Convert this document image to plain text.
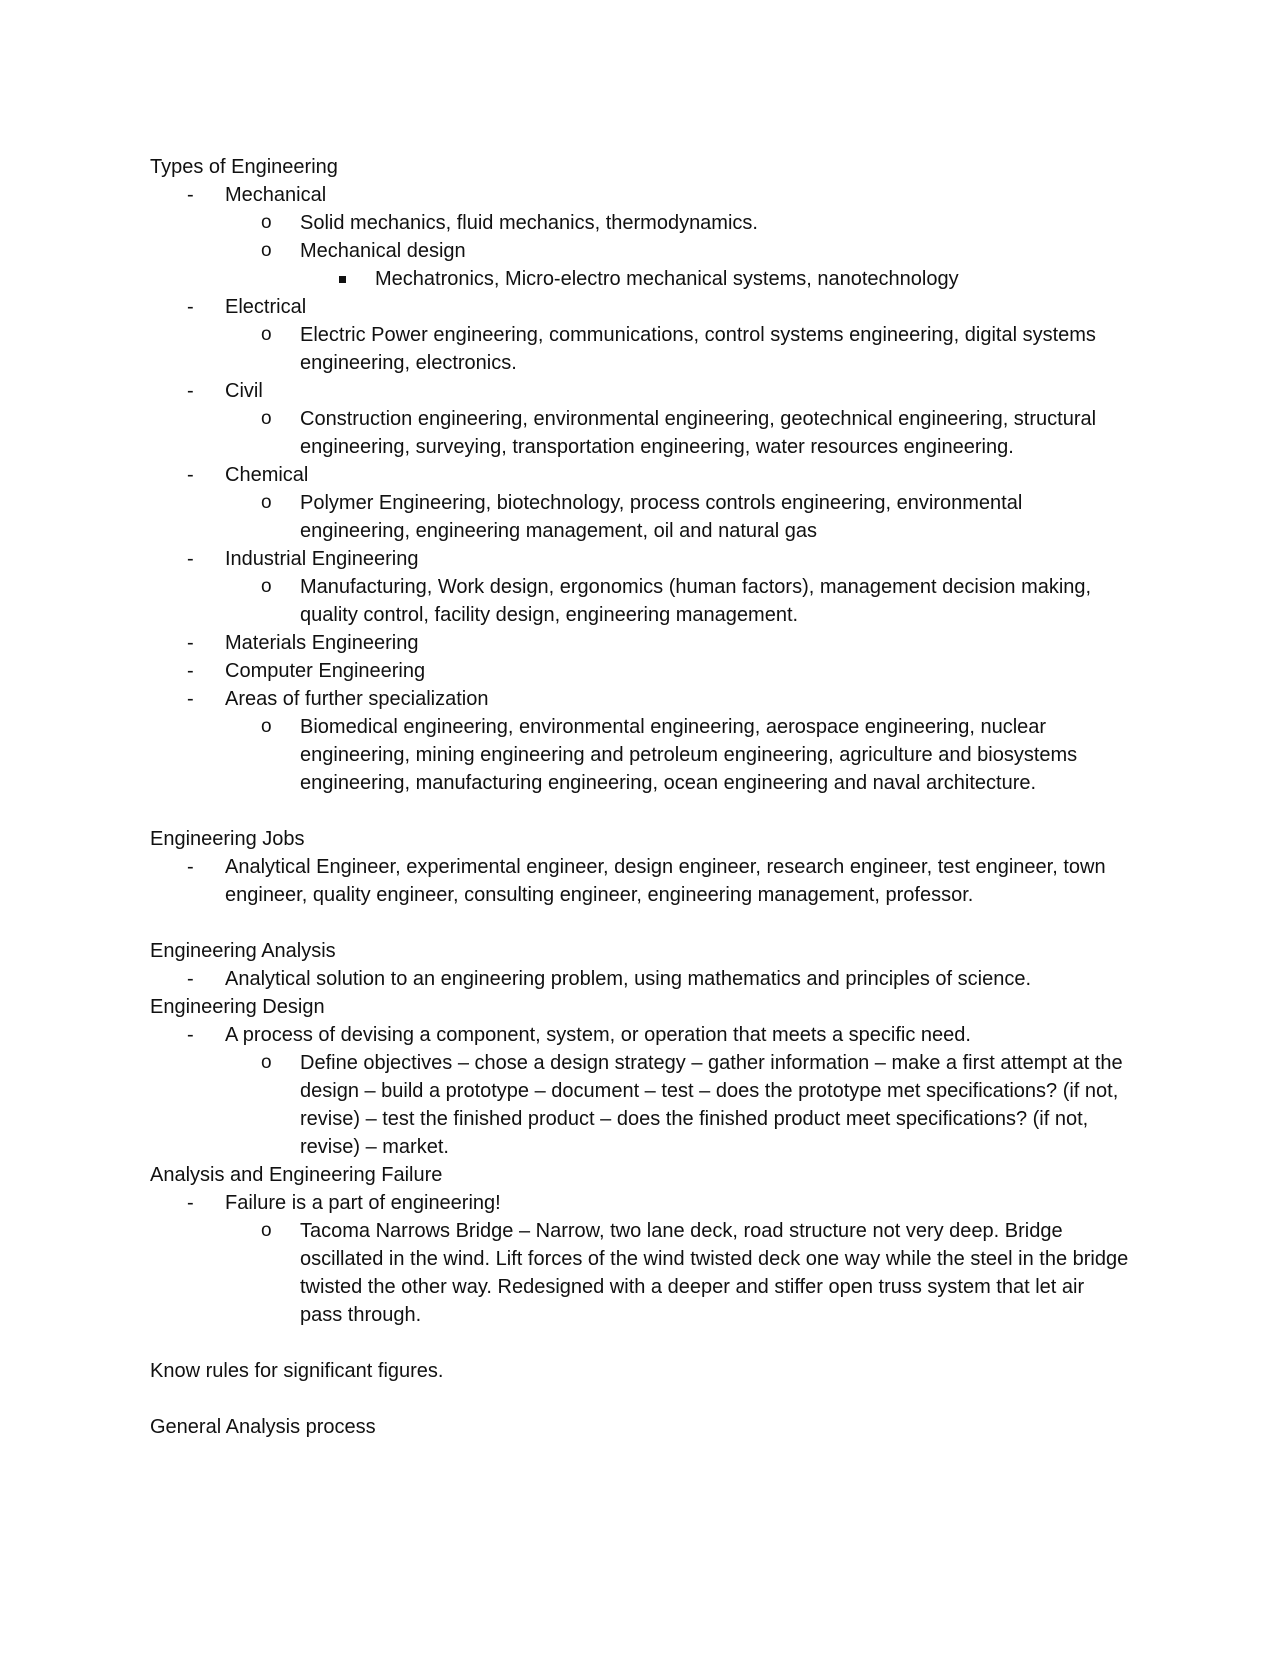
Types of Engineering

- Mechanical
o Solid mechanics, fluid mechanics, thermodynamics.
o Mechanical design
Mechatronics, Micro-electro mechanical systems, nanotechnology
- Electrical
o Electric Power engineering, communications, control systems engineering, digital systems engineering, electronics.
- Civil
o Construction engineering, environmental engineering, geotechnical engineering, structural engineering, surveying, transportation engineering, water resources engineering.
- Chemical
o Polymer Engineering, biotechnology, process controls engineering, environmental engineering, engineering management, oil and natural gas
- Industrial Engineering
o Manufacturing, Work design, ergonomics (human factors), management decision making, quality control, facility design, engineering management.
- Materials Engineering
- Computer Engineering
- Areas of further specialization
o Biomedical engineering, environmental engineering, aerospace engineering, nuclear engineering, mining engineering and petroleum engineering, agriculture and biosystems engineering, manufacturing engineering, ocean engineering and naval architecture.

Engineering Jobs

- Analytical Engineer, experimental engineer, design engineer, research engineer, test engineer, town engineer, quality engineer, consulting engineer, engineering management, professor.

Engineering Analysis

- Analytical solution to an engineering problem, using mathematics and principles of science.

Engineering Design

- A process of devising a component, system, or operation that meets a specific need.
o Define objectives – chose a design strategy – gather information – make a first attempt at the design – build a prototype – document – test – does the prototype met specifications? (if not, revise) – test the finished product – does the finished product meet specifications? (if not, revise) – market.

Analysis and Engineering Failure

- Failure is a part of engineering!
o Tacoma Narrows Bridge – Narrow, two lane deck, road structure not very deep. Bridge oscillated in the wind. Lift forces of the wind twisted deck one way while the steel in the bridge twisted the other way. Redesigned with a deeper and stiffer open truss system that let air pass through.

Know rules for significant figures.

General Analysis process
